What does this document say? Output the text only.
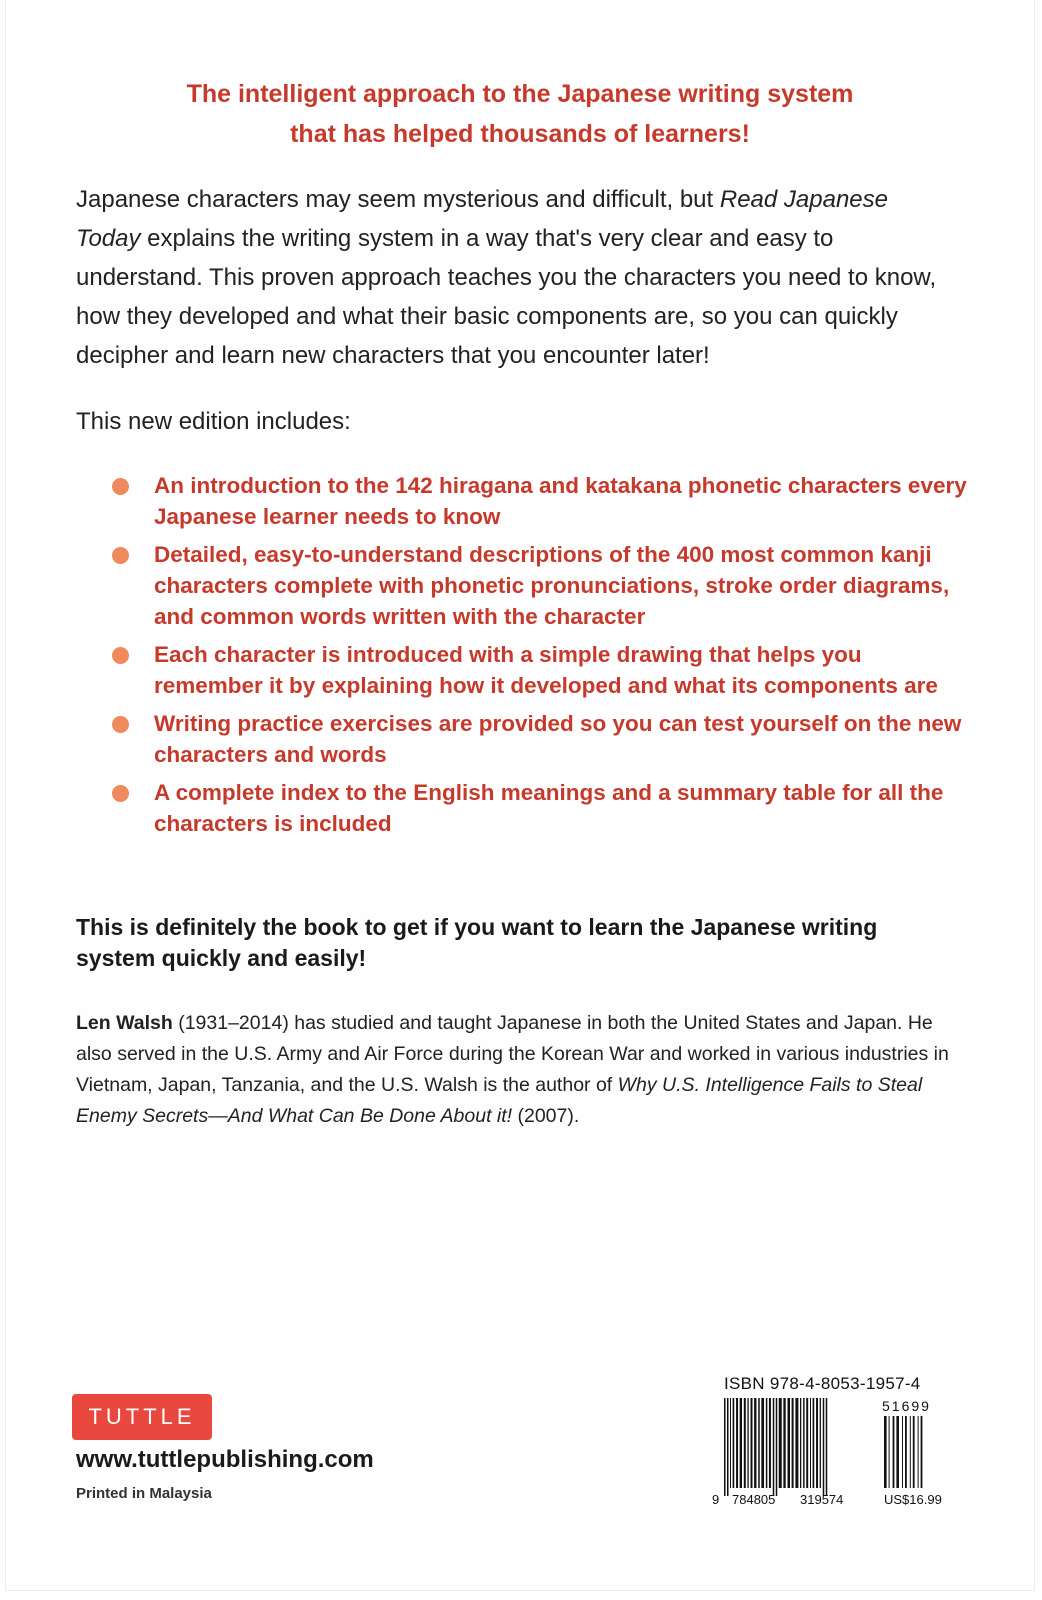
The intelligent approach to the Japanese writing system
that has helped thousands of learners!

Japanese characters may seem mysterious and difficult, but Read Japanese Today explains the writing system in a way that's very clear and easy to understand. This proven approach teaches you the characters you need to know, how they developed and what their basic components are, so you can quickly decipher and learn new characters that you encounter later!

This new edition includes:

An introduction to the 142 hiragana and katakana phonetic characters every Japanese learner needs to know
Detailed, easy-to-understand descriptions of the 400 most common kanji characters complete with phonetic pronunciations, stroke order diagrams, and common words written with the character
Each character is introduced with a simple drawing that helps you remember it by explaining how it developed and what its components are
Writing practice exercises are provided so you can test yourself on the new characters and words
A complete index to the English meanings and a summary table for all the characters is included

This is definitely the book to get if you want to learn the Japanese writing system quickly and easily!

Len Walsh (1931–2014) has studied and taught Japanese in both the United States and Japan. He also served in the U.S. Army and Air Force during the Korean War and worked in various industries in Vietnam, Japan, Tanzania, and the U.S. Walsh is the author of Why U.S. Intelligence Fails to Steal Enemy Secrets—And What Can Be Done About it! (2007).

TUTTLE
www.tuttlepublishing.com
Printed in Malaysia
ISBN 978-4-8053-1957-4
51699
9 784805 319574	US$16.99
